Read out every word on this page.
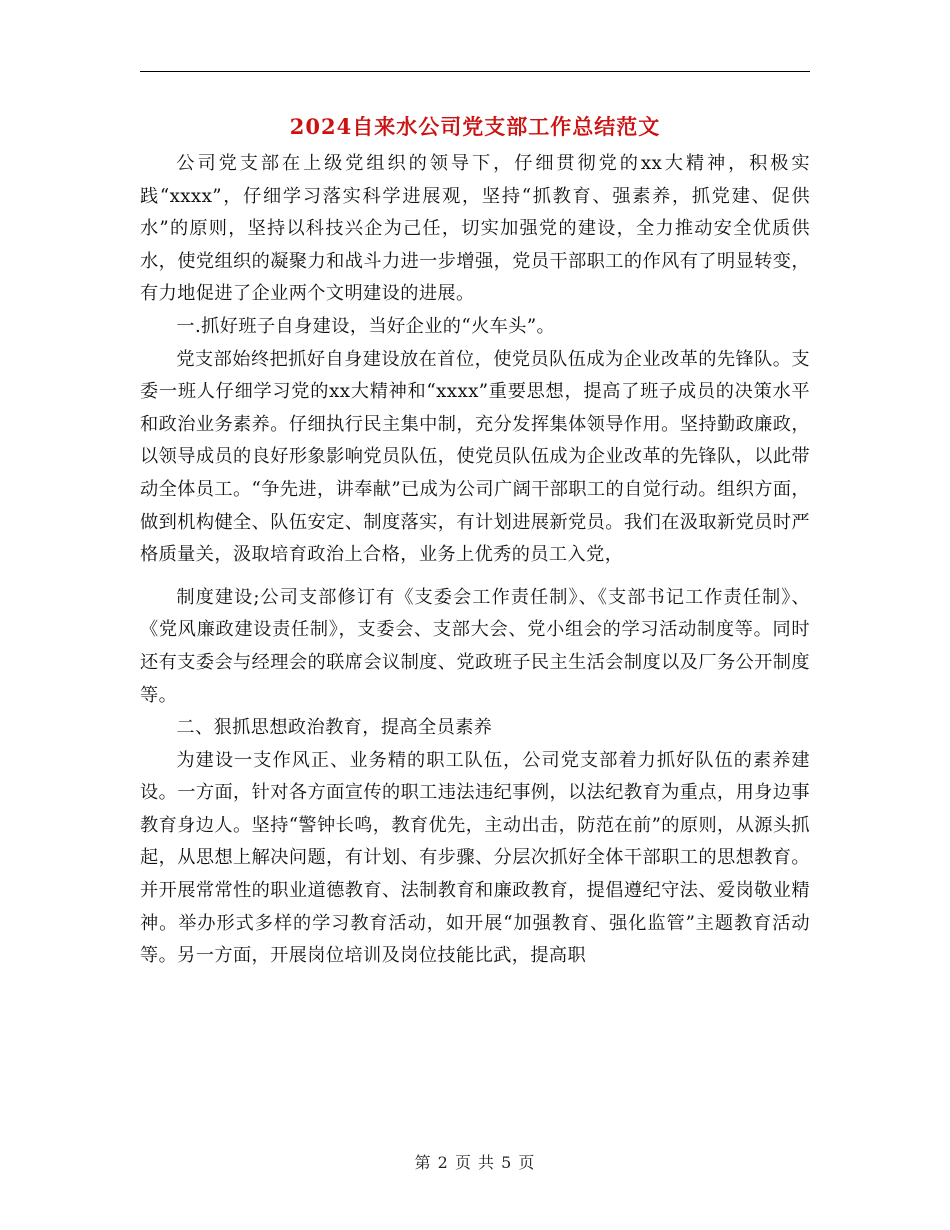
2024自来水公司党支部工作总结范文

公司党支部在上级党组织的领导下，仔细贯彻党的xx大精神，积极实践“xxxx”，仔细学习落实科学进展观，坚持“抓教育、强素养，抓党建、促供水”的原则，坚持以科技兴企为己任，切实加强党的建设，全力推动安全优质供水，使党组织的凝聚力和战斗力进一步增强，党员干部职工的作风有了明显转变，有力地促进了企业两个文明建设的进展。

一.抓好班子自身建设，当好企业的“火车头”。

党支部始终把抓好自身建设放在首位，使党员队伍成为企业改革的先锋队。支委一班人仔细学习党的xx大精神和“xxxx”重要思想，提高了班子成员的决策水平和政治业务素养。仔细执行民主集中制，充分发挥集体领导作用。坚持勤政廉政，以领导成员的良好形象影响党员队伍，使党员队伍成为企业改革的先锋队，以此带动全体员工。“争先进，讲奉献”已成为公司广阔干部职工的自觉行动。组织方面，做到机构健全、队伍安定、制度落实，有计划进展新党员。我们在汲取新党员时严格质量关，汲取培育政治上合格，业务上优秀的员工入党，

制度建设;公司支部修订有《支委会工作责任制》、《支部书记工作责任制》、《党风廉政建设责任制》，支委会、支部大会、党小组会的学习活动制度等。同时还有支委会与经理会的联席会议制度、党政班子民主生活会制度以及厂务公开制度等。

二、狠抓思想政治教育，提高全员素养

为建设一支作风正、业务精的职工队伍，公司党支部着力抓好队伍的素养建设。一方面，针对各方面宣传的职工违法违纪事例，以法纪教育为重点，用身边事教育身边人。坚持“警钟长鸣，教育优先，主动出击，防范在前”的原则，从源头抓起，从思想上解决问题，有计划、有步骤、分层次抓好全体干部职工的思想教育。并开展常常性的职业道德教育、法制教育和廉政教育，提倡遵纪守法、爱岗敬业精神。举办形式多样的学习教育活动，如开展“加强教育、强化监管”主题教育活动等。另一方面，开展岗位培训及岗位技能比武，提高职

第 2 页 共 5 页
